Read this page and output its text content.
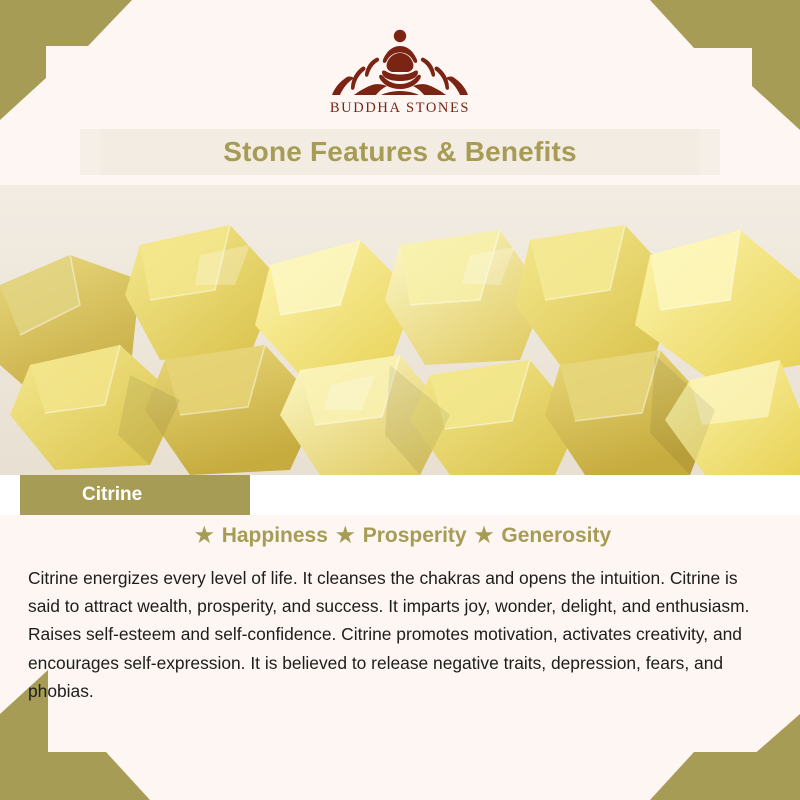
BUDDHA STONES
Stone Features & Benefits
Citrine
★ Happiness ★ Prosperity ★ Generosity
Citrine energizes every level of life. It cleanses the chakras and opens the intuition. Citrine is said to attract wealth, prosperity, and success. It imparts joy, wonder, delight, and enthusiasm. Raises self-esteem and self-confidence. Citrine promotes motivation, activates creativity, and encourages self-expression. It is believed to release negative traits, depression, fears, and phobias.
